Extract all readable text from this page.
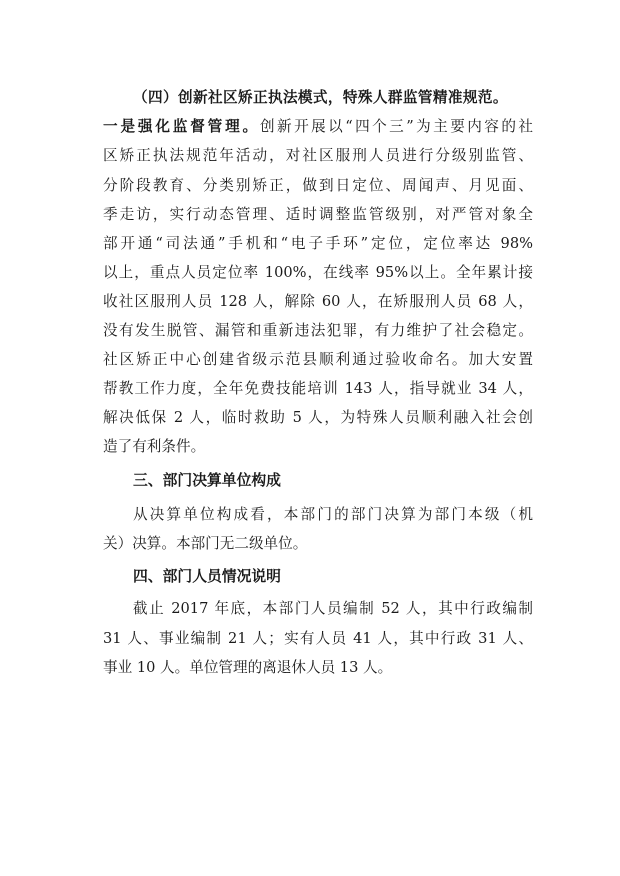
（四）创新社区矫正执法模式，特殊人群监管精准规范。
一是强化监督管理。创新开展以“四个三”为主要内容的社
区矫正执法规范年活动，对社区服刑人员进行分级别监管、
分阶段教育、分类别矫正，做到日定位、周闻声、月见面、
季走访，实行动态管理、适时调整监管级别，对严管对象全
部开通“司法通”手机和“电子手环”定位，定位率达 98%
以上，重点人员定位率 100%，在线率 95%以上。全年累计接
收社区服刑人员 128 人，解除 60 人，在矫服刑人员 68 人，
没有发生脱管、漏管和重新违法犯罪，有力维护了社会稳定。
社区矫正中心创建省级示范县顺利通过验收命名。加大安置
帮教工作力度，全年免费技能培训 143 人，指导就业 34 人，
解决低保 2 人，临时救助 5 人，为特殊人员顺利融入社会创
造了有利条件。
三、部门决算单位构成
从决算单位构成看，本部门的部门决算为部门本级（机
关）决算。本部门无二级单位。
四、部门人员情况说明
截止 2017 年底，本部门人员编制 52 人，其中行政编制
31 人、事业编制 21 人；实有人员 41 人，其中行政 31 人、
事业 10 人。单位管理的离退休人员 13 人。
